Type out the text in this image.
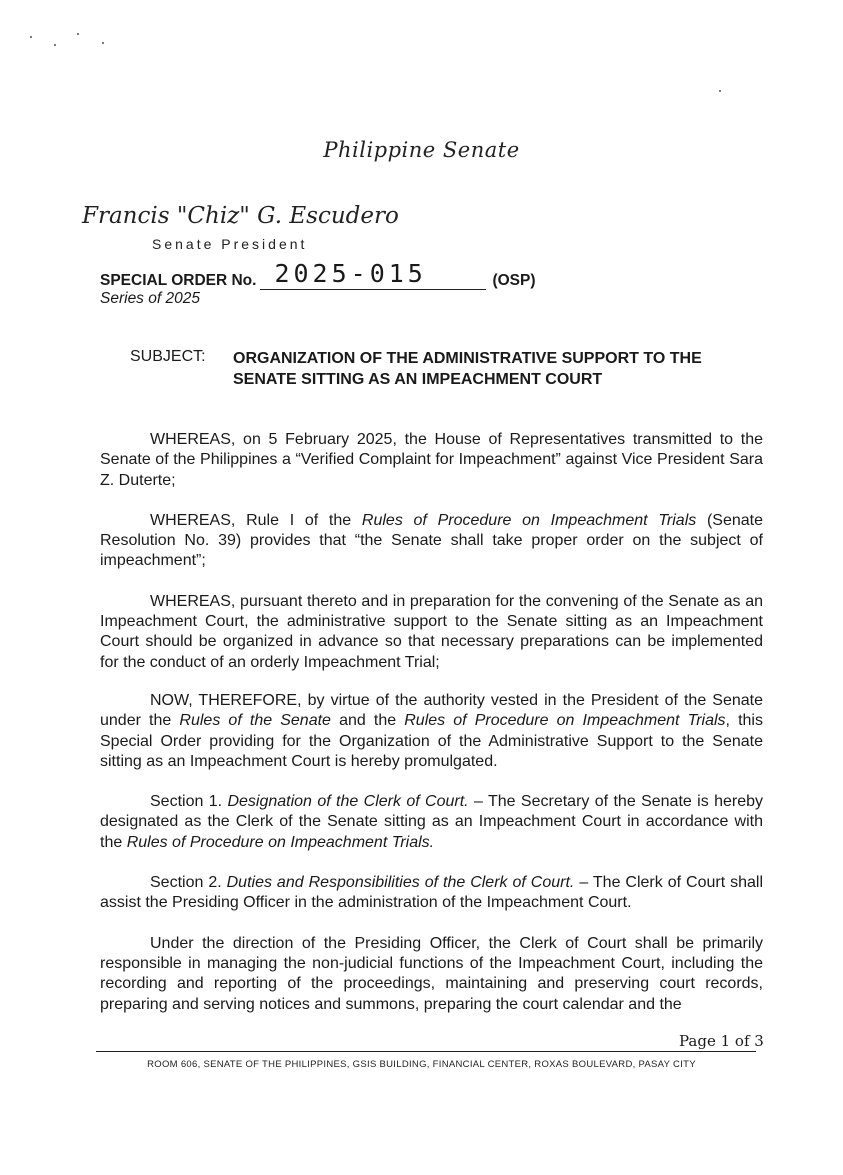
Philippine Senate
Francis "Chiz" G. Escudero
Senate President
SPECIAL ORDER No. 2025-015	(OSP)
Series of 2025
SUBJECT: ORGANIZATION OF THE ADMINISTRATIVE SUPPORT TO THE SENATE SITTING AS AN IMPEACHMENT COURT

WHEREAS, on 5 February 2025, the House of Representatives transmitted to the Senate of the Philippines a “Verified Complaint for Impeachment” against Vice President Sara Z. Duterte;

WHEREAS, Rule I of the Rules of Procedure on Impeachment Trials (Senate Resolution No. 39) provides that “the Senate shall take proper order on the subject of impeachment”;

WHEREAS, pursuant thereto and in preparation for the convening of the Senate as an Impeachment Court, the administrative support to the Senate sitting as an Impeachment Court should be organized in advance so that necessary preparations can be implemented for the conduct of an orderly Impeachment Trial;

NOW, THEREFORE, by virtue of the authority vested in the President of the Senate under the Rules of the Senate and the Rules of Procedure on Impeachment Trials, this Special Order providing for the Organization of the Administrative Support to the Senate sitting as an Impeachment Court is hereby promulgated.

Section 1. Designation of the Clerk of Court. – The Secretary of the Senate is hereby designated as the Clerk of the Senate sitting as an Impeachment Court in accordance with the Rules of Procedure on Impeachment Trials.

Section 2. Duties and Responsibilities of the Clerk of Court. – The Clerk of Court shall assist the Presiding Officer in the administration of the Impeachment Court.

Under the direction of the Presiding Officer, the Clerk of Court shall be primarily responsible in managing the non-judicial functions of the Impeachment Court, including the recording and reporting of the proceedings, maintaining and preserving court records, preparing and serving notices and summons, preparing the court calendar and the

Page 1 of 3
ROOM 606, SENATE OF THE PHILIPPINES, GSIS BUILDING, FINANCIAL CENTER, ROXAS BOULEVARD, PASAY CITY
